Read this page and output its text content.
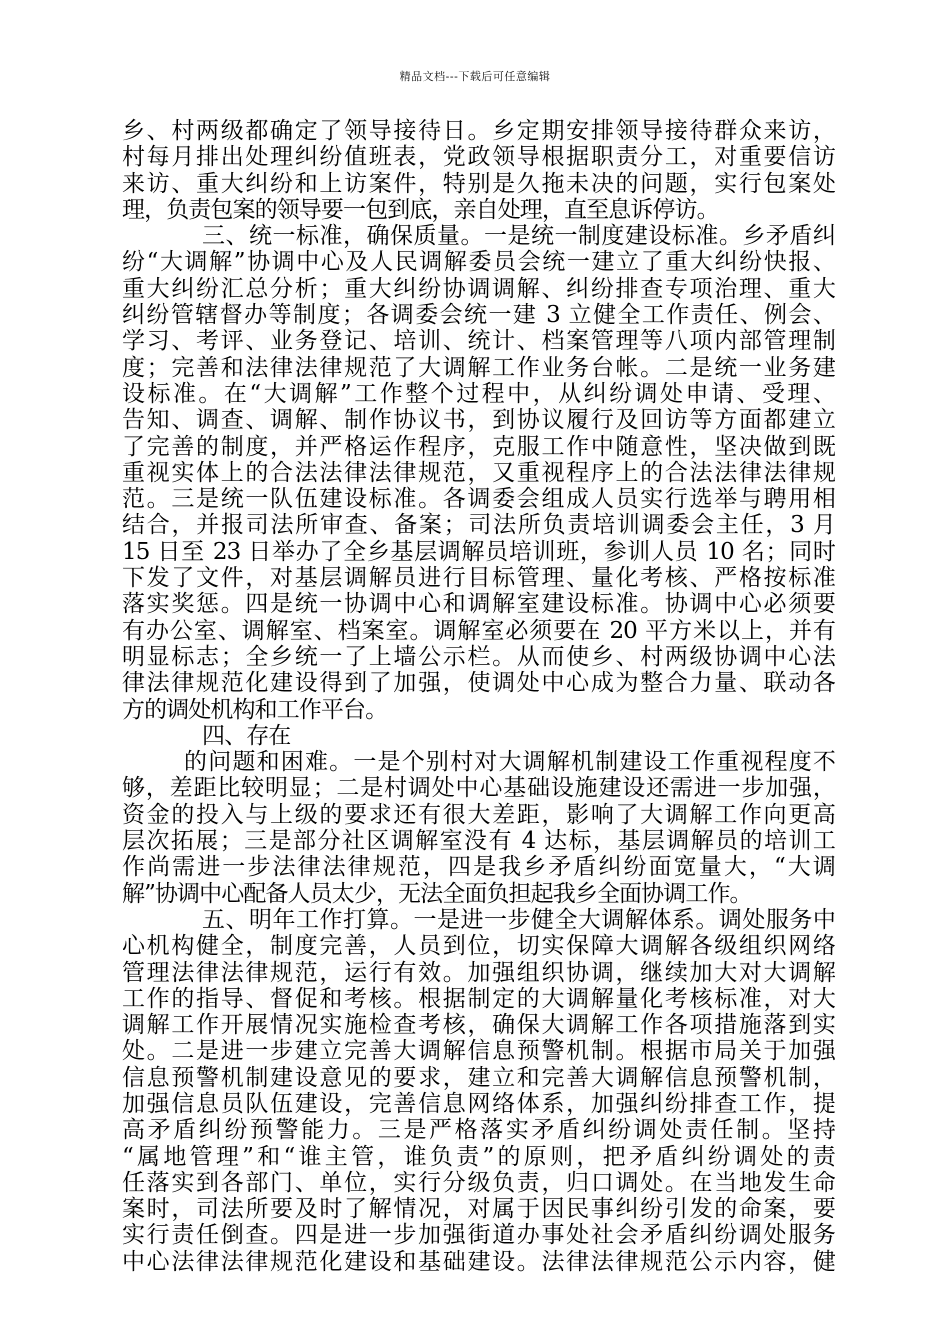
精品文档---下载后可任意编辑
乡、村两级都确定了领导接待日。乡定期安排领导接待群众来访，
村每月排出处理纠纷值班表，党政领导根据职责分工，对重要信访
来访、重大纠纷和上访案件，特别是久拖未决的问题，实行包案处
理，负责包案的领导要一包到底，亲自处理，直至息诉停访。
三、统一标准，确保质量。一是统一制度建设标准。乡矛盾纠
纷“大调解”协调中心及人民调解委员会统一建立了重大纠纷快报、
重大纠纷汇总分析；重大纠纷协调调解、纠纷排查专项治理、重大
纠纷管辖督办等制度；各调委会统一建 3 立健全工作责任、例会、
学习、考评、业务登记、培训、统计、档案管理等八项内部管理制
度；完善和法律法律规范了大调解工作业务台帐。二是统一业务建
设标准。在“大调解”工作整个过程中，从纠纷调处申请、受理、
告知、调查、调解、制作协议书，到协议履行及回访等方面都建立
了完善的制度，并严格运作程序，克服工作中随意性，坚决做到既
重视实体上的合法法律法律规范，又重视程序上的合法法律法律规
范。三是统一队伍建设标准。各调委会组成人员实行选举与聘用相
结合，并报司法所审查、备案；司法所负责培训调委会主任，3 月
15 日至 23 日举办了全乡基层调解员培训班，参训人员 10 名；同时
下发了文件，对基层调解员进行目标管理、量化考核、严格按标准
落实奖惩。四是统一协调中心和调解室建设标准。协调中心必须要
有办公室、调解室、档案室。调解室必须要在 20 平方米以上，并有
明显标志；全乡统一了上墙公示栏。从而使乡、村两级协调中心法
律法律规范化建设得到了加强，使调处中心成为整合力量、联动各
方的调处机构和工作平台。
四、存在
的问题和困难。一是个别村对大调解机制建设工作重视程度不
够，差距比较明显；二是村调处中心基础设施建设还需进一步加强，
资金的投入与上级的要求还有很大差距，影响了大调解工作向更高
层次拓展；三是部分社区调解室没有 4 达标，基层调解员的培训工
作尚需进一步法律法律规范，四是我乡矛盾纠纷面宽量大，“大调
解”协调中心配备人员太少，无法全面负担起我乡全面协调工作。
五、明年工作打算。一是进一步健全大调解体系。调处服务中
心机构健全，制度完善，人员到位，切实保障大调解各级组织网络
管理法律法律规范，运行有效。加强组织协调，继续加大对大调解
工作的指导、督促和考核。根据制定的大调解量化考核标准，对大
调解工作开展情况实施检查考核，确保大调解工作各项措施落到实
处。二是进一步建立完善大调解信息预警机制。根据市局关于加强
信息预警机制建设意见的要求，建立和完善大调解信息预警机制，
加强信息员队伍建设，完善信息网络体系，加强纠纷排查工作，提
高矛盾纠纷预警能力。三是严格落实矛盾纠纷调处责任制。坚持
“属地管理”和“谁主管，谁负责”的原则，把矛盾纠纷调处的责
任落实到各部门、单位，实行分级负责，归口调处。在当地发生命
案时，司法所要及时了解情况，对属于因民事纠纷引发的命案，要
实行责任倒查。四是进一步加强街道办事处社会矛盾纠纷调处服务
中心法律法律规范化建设和基础建设。法律法律规范公示内容，健
